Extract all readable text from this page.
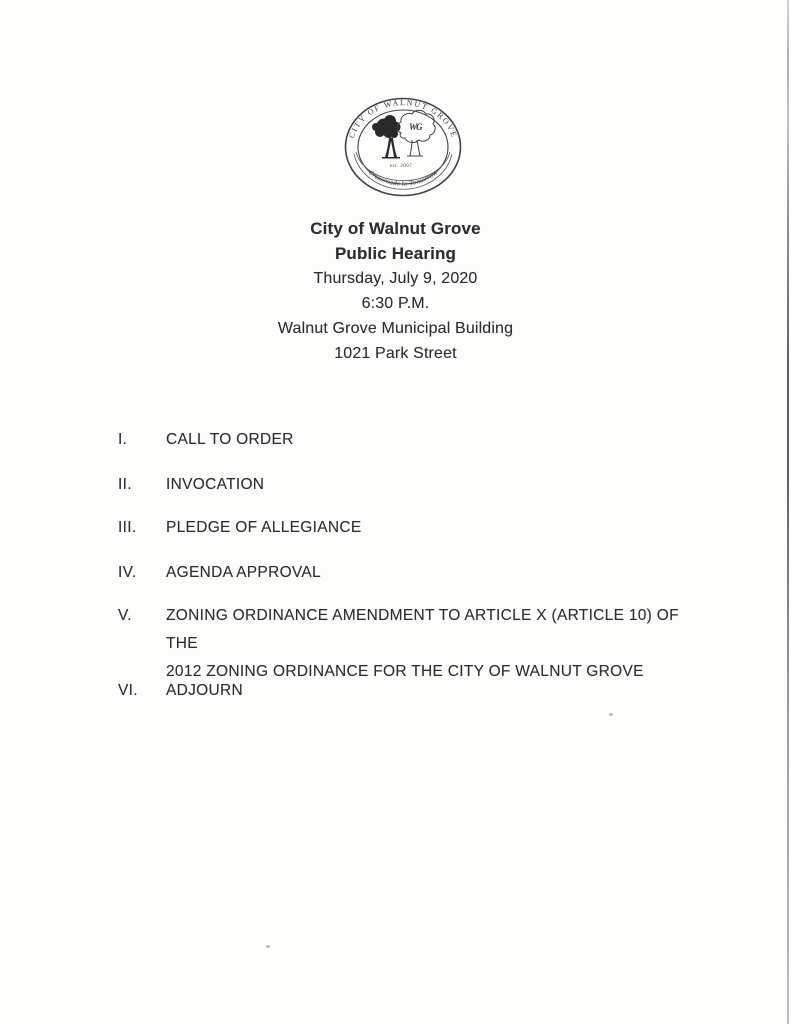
CITY OF WALNUT GROVE
WG
est. 2007
Crossroads to Tomorrow
City of Walnut Grove
Public Hearing
Thursday, July 9, 2020
6:30 P.M.
Walnut Grove Municipal Building
1021 Park Street
I.	CALL TO ORDER
II.	INVOCATION
III.	PLEDGE OF ALLEGIANCE
IV.	AGENDA APPROVAL
V.	ZONING ORDINANCE AMENDMENT TO ARTICLE X (ARTICLE 10) OF THE
2012 ZONING ORDINANCE FOR THE CITY OF WALNUT GROVE
VI.	ADJOURN
